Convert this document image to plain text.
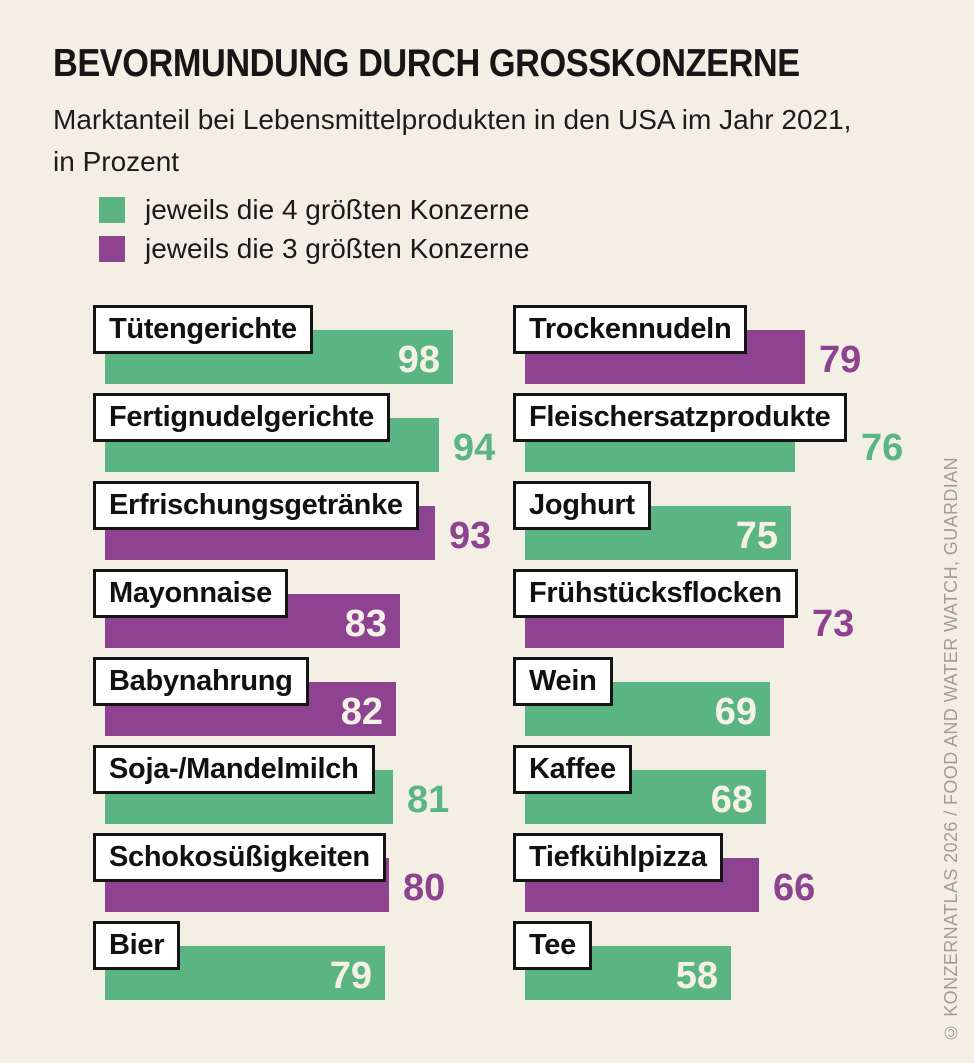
BEVORMUNDUNG DURCH GROSSKONZERNE
Marktanteil bei Lebensmittelprodukten in den USA im Jahr 2021,
in Prozent
jeweils die 4 größten Konzerne
jeweils die 3 größten Konzerne
Tütengerichte
98
Fertignudelgerichte
94
Erfrischungsgetränke
93
Mayonnaise
83
Babynahrung
82
Soja-/Mandelmilch
81
Schokosüßigkeiten
80
Bier
79
Trockennudeln
79
Fleischersatzprodukte
76
Joghurt
75
Frühstücksflocken
73
Wein
69
Kaffee
68
Tiefkühlpizza
66
Tee
58
© KONZERNATLAS 2026 / FOOD AND WATER WATCH, GUARDIAN
